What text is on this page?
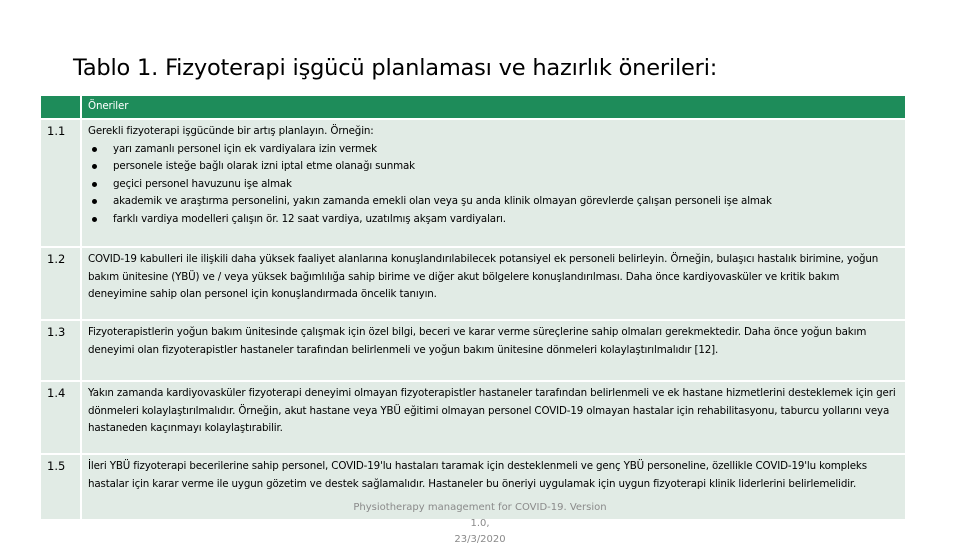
Tablo 1. Fizyoterapi işgücü planlaması ve hazırlık önerileri:
Öneriler
1.1	Gerekli fizyoterapi işgücünde bir artış planlayın. Örneğin:
yarı zamanlı personel için ek vardiyalara izin vermek
personele isteğe bağlı olarak izni iptal etme olanağı sunmak
geçici personel havuzunu işe almak
akademik ve araştırma personelini, yakın zamanda emekli olan veya şu anda klinik olmayan görevlerde çalışan personeli işe almak
farklı vardiya modelleri çalışın ör. 12 saat vardiya, uzatılmış akşam vardiyaları.
1.2	COVID-19 kabulleri ile ilişkili daha yüksek faaliyet alanlarına konuşlandırılabilecek potansiyel ek personeli belirleyin. Örneğin, bulaşıcı hastalık birimine, yoğun bakım ünitesine (YBÜ) ve / veya yüksek bağımlılığa sahip birime ve diğer akut bölgelere konuşlandırılması. Daha önce kardiyovasküler ve kritik bakım deneyimine sahip olan personel için konuşlandırmada öncelik tanıyın.
1.3	Fizyoterapistlerin yoğun bakım ünitesinde çalışmak için özel bilgi, beceri ve karar verme süreçlerine sahip olmaları gerekmektedir. Daha önce yoğun bakım deneyimi olan fizyoterapistler hastaneler tarafından belirlenmeli ve yoğun bakım ünitesine dönmeleri kolaylaştırılmalıdır [12].
1.4	Yakın zamanda kardiyovasküler fizyoterapi deneyimi olmayan fizyoterapistler hastaneler tarafından belirlenmeli ve ek hastane hizmetlerini desteklemek için geri dönmeleri kolaylaştırılmalıdır. Örneğin, akut hastane veya YBÜ eğitimi olmayan personel COVID-19 olmayan hastalar için rehabilitasyonu, taburcu yollarını veya hastaneden kaçınmayı kolaylaştırabilir.
1.5	İleri YBÜ fizyoterapi becerilerine sahip personel, COVID-19'lu hastaları taramak için desteklenmeli ve genç YBÜ personeline, özellikle COVID-19'lu kompleks hastalar için karar verme ile uygun gözetim ve destek sağlamalıdır. Hastaneler bu öneriyi uygulamak için uygun fizyoterapi klinik liderlerini belirlemelidir.
Physiotherapy management for COVID-19. Version 1.0,
23/3/2020
